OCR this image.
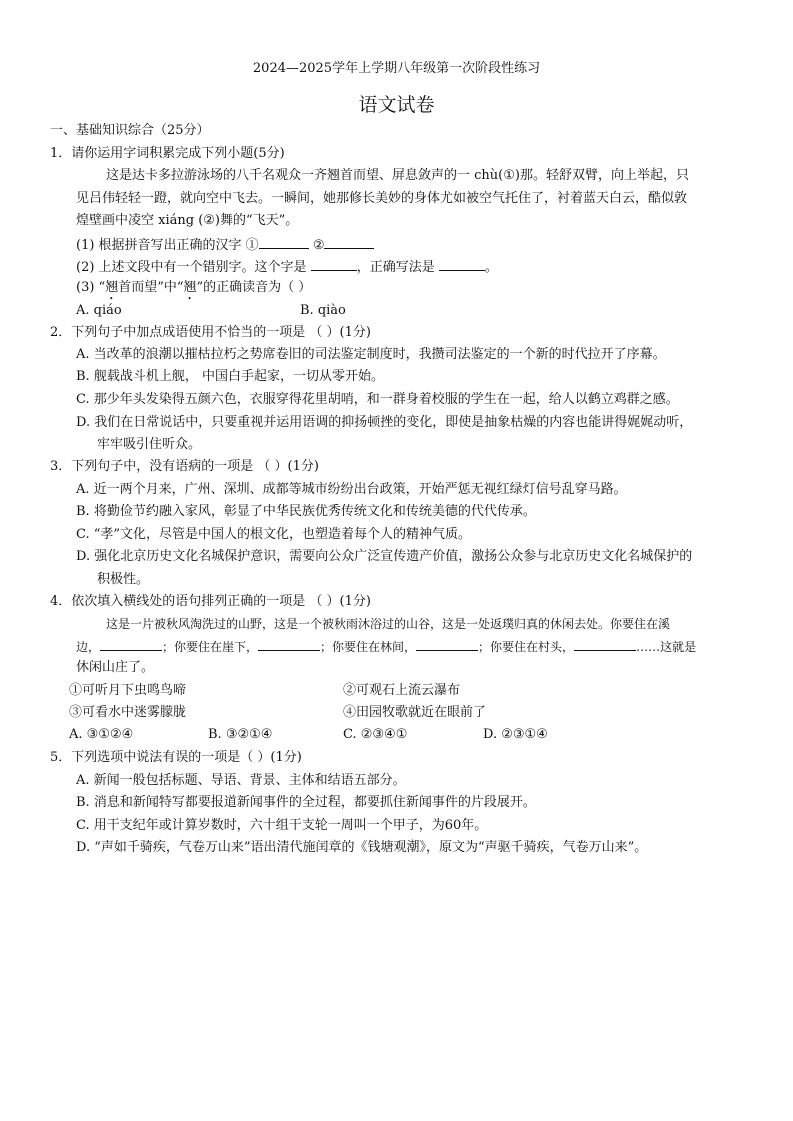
2024—2025学年上学期八年级第一次阶段性练习
语文试卷
一、基础知识综合（25分）
1．请你运用字词积累完成下列小题(5分)
这是达卡多拉游泳场的八千名观众一齐翘首而望、屏息敛声的一 chù(①)那。轻舒双臂，向上举起，只
见吕伟轻轻一蹬，就向空中飞去。一瞬间，她那修长美妙的身体尤如被空气托住了，衬着蓝天白云，酷似敦
煌壁画中凌空 xiáng (②)舞的“飞天”。
(1) 根据拼音写出正确的汉字 ①	②
(2) 上述文段中有一个错别字。这个字是	，正确写法是	。
(3) “翘首而望”中“翘”的正确读音为（ ）
A. qiáo	B. qiào
2．下列句子中加点成语使用不恰当的一项是 （ ）(1分)
A. 当改革的浪潮以摧枯拉朽之势席卷旧的司法鉴定制度时，我攒司法鉴定的一个新的时代拉开了序幕。
B. 舰载战斗机上舰， 中国白手起家，一切从零开始。
C. 那少年头发染得五颜六色，衣服穿得花里胡哨，和一群身着校服的学生在一起，给人以鹤立鸡群之感。
D. 我们在日常说话中，只要重视并运用语调的抑扬顿挫的变化，即使是抽象枯燥的内容也能讲得娓娓动听，
牢牢吸引住听众。
3．下列句子中，没有语病的一项是 （ ）(1分)
A. 近一两个月来，广州、深圳、成都等城市纷纷出台政策，开始严惩无视红绿灯信号乱穿马路。
B. 将勤俭节约融入家风，彰显了中华民族优秀传统文化和传统美德的代代传承。
C. “孝”文化，尽管是中国人的根文化，也塑造着每个人的精神气质。
D. 强化北京历史文化名城保护意识，需要向公众广泛宣传遗产价值，激扬公众参与北京历史文化名城保护的
积极性。
4．依次填入横线处的语句排列正确的一项是 （ ）(1分)
这是一片被秋风淘洗过的山野，这是一个被秋雨沐浴过的山谷，这是一处返璞归真的休闲去处。你要住在溪
边，	；你要住在崖下，	；你要住在林间，	；你要住在村头，	……这就是
休闲山庄了。
①可听月下虫鸣鸟啼	②可观石上流云瀑布
③可看水中迷雾朦胧	④田园牧歌就近在眼前了
A. ③①②④	B. ③②①④	C. ②③④①	D. ②③①④
5．下列选项中说法有误的一项是（ ）(1分)
A. 新闻一般包括标题、导语、背景、主体和结语五部分。
B. 消息和新闻特写都要报道新闻事件的全过程，都要抓住新闻事件的片段展开。
C. 用干支纪年或计算岁数时，六十组干支轮一周叫一个甲子，为60年。
D. “声如千骑疾，气卷万山来”语出清代施闰章的《钱塘观潮》，原文为“声驱千骑疾，气卷万山来”。
